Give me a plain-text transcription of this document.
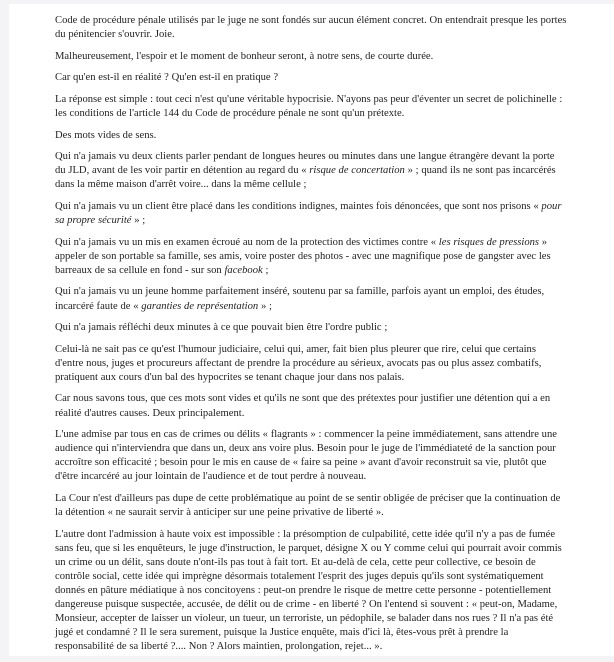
Code de procédure pénale utilisés par le juge ne sont fondés sur aucun élément concret. On entendrait presque les portes du pénitencier s'ouvrir. Joie.

Malheureusement, l'espoir et le moment de bonheur seront, à notre sens, de courte durée.

Car qu'en est-il en réalité ? Qu'en est-il en pratique ?

La réponse est simple : tout ceci n'est qu'une véritable hypocrisie. N'ayons pas peur d'éventer un secret de polichinelle : les conditions de l'article 144 du Code de procédure pénale ne sont qu'un prétexte.

Des mots vides de sens.

Qui n'a jamais vu deux clients parler pendant de longues heures ou minutes dans une langue étrangère devant la porte du JLD, avant de les voir partir en détention au regard du « risque de concertation » ; quand ils ne sont pas incarcérés dans la même maison d'arrêt voire... dans la même cellule ;

Qui n'a jamais vu un client être placé dans les conditions indignes, maintes fois dénoncées, que sont nos prisons « pour sa propre sécurité » ;

Qui n'a jamais vu un mis en examen écroué au nom de la protection des victimes contre « les risques de pressions » appeler de son portable sa famille, ses amis, voire poster des photos - avec une magnifique pose de gangster avec les barreaux de sa cellule en fond - sur son facebook ;

Qui n'a jamais vu un jeune homme parfaitement inséré, soutenu par sa famille, parfois ayant un emploi, des études, incarcéré faute de « garanties de représentation » ;

Qui n'a jamais réfléchi deux minutes à ce que pouvait bien être l'ordre public ;

Celui-là ne sait pas ce qu'est l'humour judiciaire, celui qui, amer, fait bien plus pleurer que rire, celui que certains d'entre nous, juges et procureurs affectant de prendre la procédure au sérieux, avocats pas ou plus assez combatifs, pratiquent aux cours d'un bal des hypocrites se tenant chaque jour dans nos palais.

Car nous savons tous, que ces mots sont vides et qu'ils ne sont que des prétextes pour justifier une détention qui a en réalité d'autres causes. Deux principalement.

L'une admise par tous en cas de crimes ou délits « flagrants » : commencer la peine immédiatement, sans attendre une audience qui n'interviendra que dans un, deux ans voire plus. Besoin pour le juge de l'immédiateté de la sanction pour accroître son efficacité ; besoin pour le mis en cause de « faire sa peine » avant d'avoir reconstruit sa vie, plutôt que d'être incarcéré au jour lointain de l'audience et de tout perdre à nouveau.

La Cour n'est d'ailleurs pas dupe de cette problématique au point de se sentir obligée de préciser que la continuation de la détention « ne saurait servir à anticiper sur une peine privative de liberté ».

L'autre dont l'admission à haute voix est impossible : la présomption de culpabilité, cette idée qu'il n'y a pas de fumée sans feu, que si les enquêteurs, le juge d'instruction, le parquet, désigne X ou Y comme celui qui pourrait avoir commis un crime ou un délit, sans doute n'ont-ils pas tout à fait tort. Et au-delà de cela, cette peur collective, ce besoin de contrôle social, cette idée qui imprègne désormais totalement l'esprit des juges depuis qu'ils sont systématiquement donnés en pâture médiatique à nos concitoyens : peut-on prendre le risque de mettre cette personne - potentiellement dangereuse puisque suspectée, accusée, de délit ou de crime - en liberté ? On l'entend si souvent : « peut-on, Madame, Monsieur, accepter de laisser un violeur, un tueur, un terroriste, un pédophile, se balader dans nos rues ? Il n'a pas été jugé et condamné ? Il le sera surement, puisque la Justice enquête, mais d'ici là, êtes-vous prêt à prendre la responsabilité de sa liberté ?.... Non ? Alors maintien, prolongation, rejet... ».
